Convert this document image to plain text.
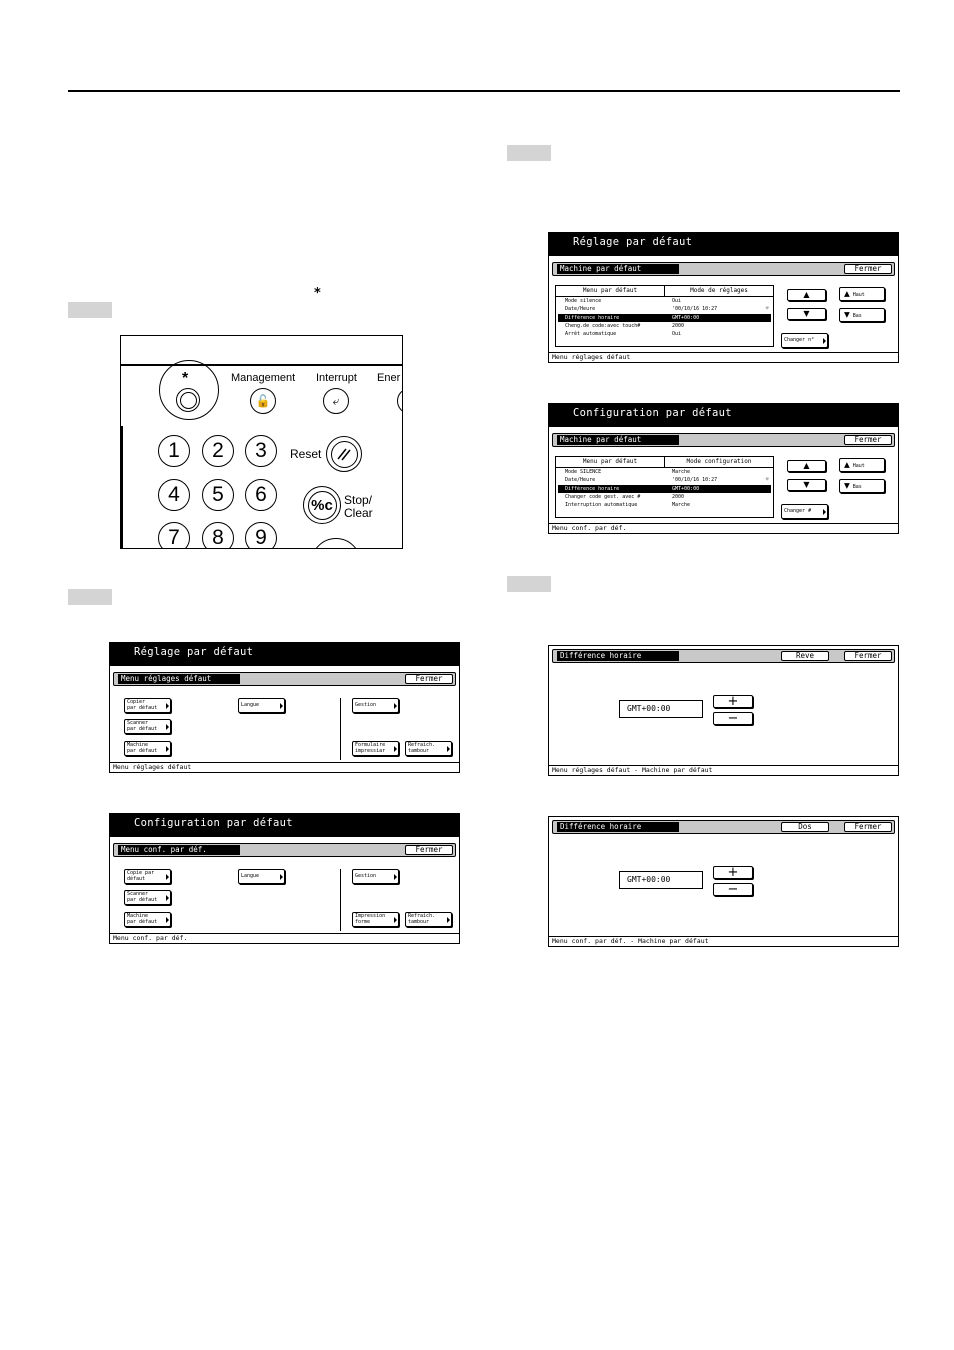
*
*	Management
🔓
Interrupt
⤶
Ener
1	2	3
4	5	6
7	8	9
Reset
%c Stop/
Clear
Réglage par défaut
Menu réglages défaut	Fermer
Copier
par défaut
Scanner
par défaut
Machine
par défaut
Langue	Gestion
Formulaire
impressiar
Refraich.
tambour
Menu réglages défaut
Configuration par défaut
Menu conf. par déf.	Fermer
Copie par
défaut
Scanner
par défaut
Machine
par défaut
Langue	Gestion
Impression
forme
Refraich.
tambour
Menu conf. par déf.
Réglage par défaut
Machine par défaut	Fermer
Menu par défaut	Mode de réglages
Mode silence	Oui
Date/Heure	'00/10/16 10:27	☼
Différence horaire	GMT+00:00
Cheng.de code:avec touch#	2000
Arrêt automatique	Oui
▲
▼
▲ Haut
▼ Bas
Changer n°
Menu réglages défaut
Configuration par défaut
Machine par défaut	Fermer
Menu par défaut	Mode configuration
Mode SILENCE	Marche
Date/Heure	'00/10/16 10:27	☼
Différence horaire	GMT+00:00
Changer code gest. avec #	2000
Interruption automatique	Marche
▲
▼
▲ Haut
▼ Bas
Changer #
Menu conf. par déf.
Différence horaire	Reve	Fermer
GMT+00:00	+
−
Menu réglages défaut - Machine par défaut
Différence horaire	Dos	Fermer
GMT+00:00	+
−
Menu conf. par déf. - Machine par défaut
